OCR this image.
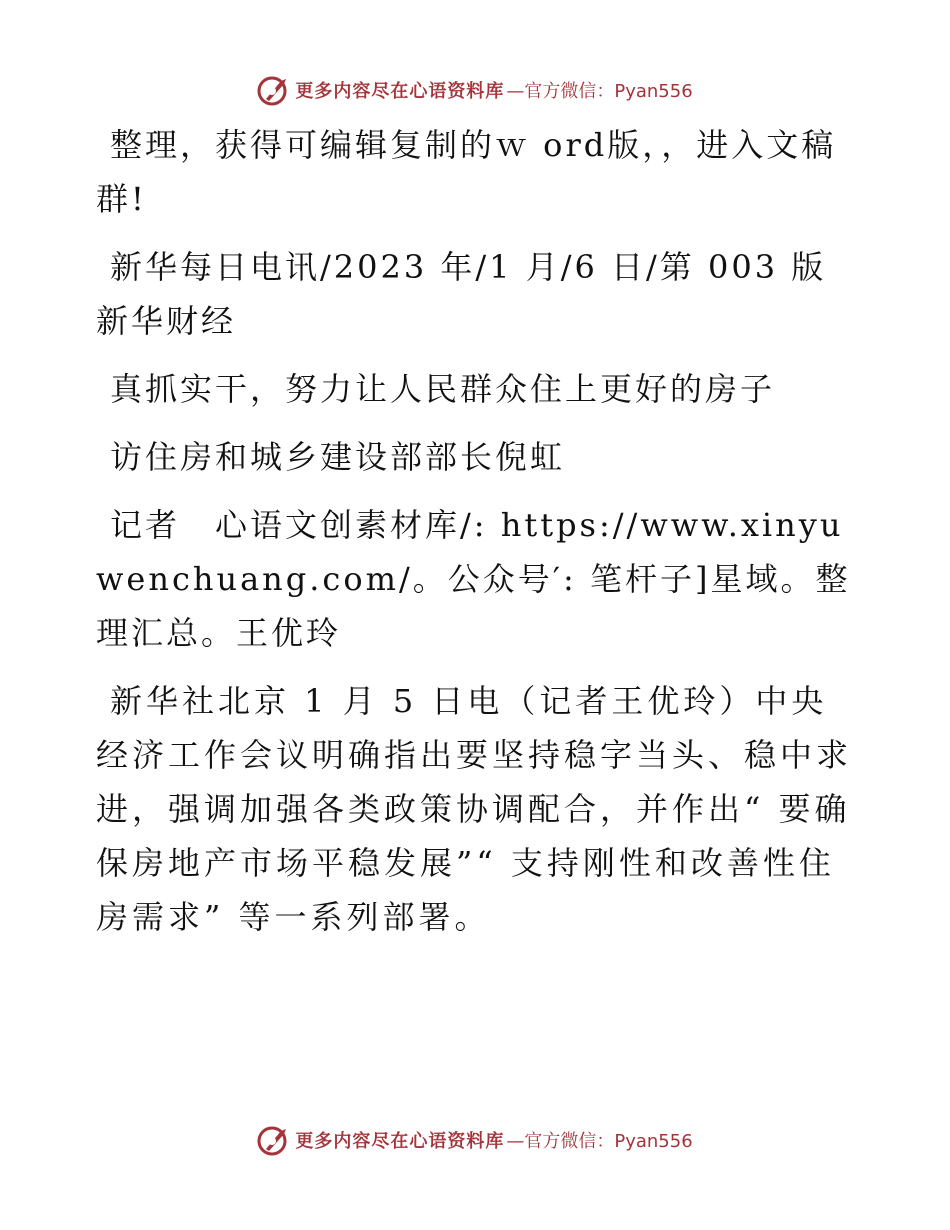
更多内容尽在心语资料库 —官方微信：Pyan556

整理，获得可编辑复制的ｗ ord版，，进入文稿群!

新华每日电讯/2023 年/1 月/6 日/第 003 版新华财经

真抓实干，努力让人民群众住上更好的房子

访住房和城乡建设部部长倪虹

记者　心语文创素材库/: https://www.xinyuwenchuang.com/。公众号′: 笔杆子]星域。整理汇总。王优玲

新华社北京 1 月 5 日电（记者王优玲）中央经济工作会议明确指出要坚持稳字当头、稳中求进，强调加强各类政策协调配合，并作出“ 要确保房地产市场平稳发展”“ 支持刚性和改善性住房需求” 等一系列部署。

更多内容尽在心语资料库 —官方微信：Pyan556
